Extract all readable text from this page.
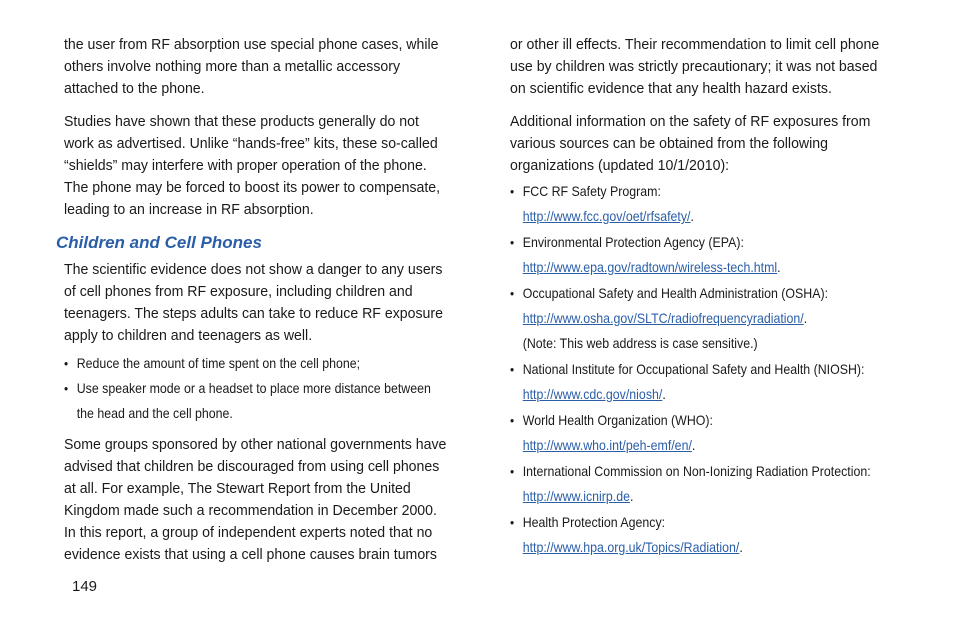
the user from RF absorption use special phone cases, while
others involve nothing more than a metallic accessory
attached to the phone.

Studies have shown that these products generally do not
work as advertised. Unlike “hands-free” kits, these so-called
“shields” may interfere with proper operation of the phone.
The phone may be forced to boost its power to compensate,
leading to an increase in RF absorption.

Children and Cell Phones

The scientific evidence does not show a danger to any users
of cell phones from RF exposure, including children and
teenagers. The steps adults can take to reduce RF exposure
apply to children and teenagers as well.

• Reduce the amount of time spent on the cell phone;
• Use speaker mode or a headset to place more distance between
the head and the cell phone.

Some groups sponsored by other national governments have
advised that children be discouraged from using cell phones
at all. For example, The Stewart Report from the United
Kingdom made such a recommendation in December 2000.
In this report, a group of independent experts noted that no
evidence exists that using a cell phone causes brain tumors

or other ill effects. Their recommendation to limit cell phone
use by children was strictly precautionary; it was not based
on scientific evidence that any health hazard exists.

Additional information on the safety of RF exposures from
various sources can be obtained from the following
organizations (updated 10/1/2010):

• FCC RF Safety Program:
http://www.fcc.gov/oet/rfsafety/.
• Environmental Protection Agency (EPA):
http://www.epa.gov/radtown/wireless-tech.html.
• Occupational Safety and Health Administration (OSHA):
http://www.osha.gov/SLTC/radiofrequencyradiation/.
(Note: This web address is case sensitive.)
• National Institute for Occupational Safety and Health (NIOSH):
http://www.cdc.gov/niosh/.
• World Health Organization (WHO):
http://www.who.int/peh-emf/en/.
• International Commission on Non-Ionizing Radiation Protection:
http://www.icnirp.de.
• Health Protection Agency:
http://www.hpa.org.uk/Topics/Radiation/.
149
